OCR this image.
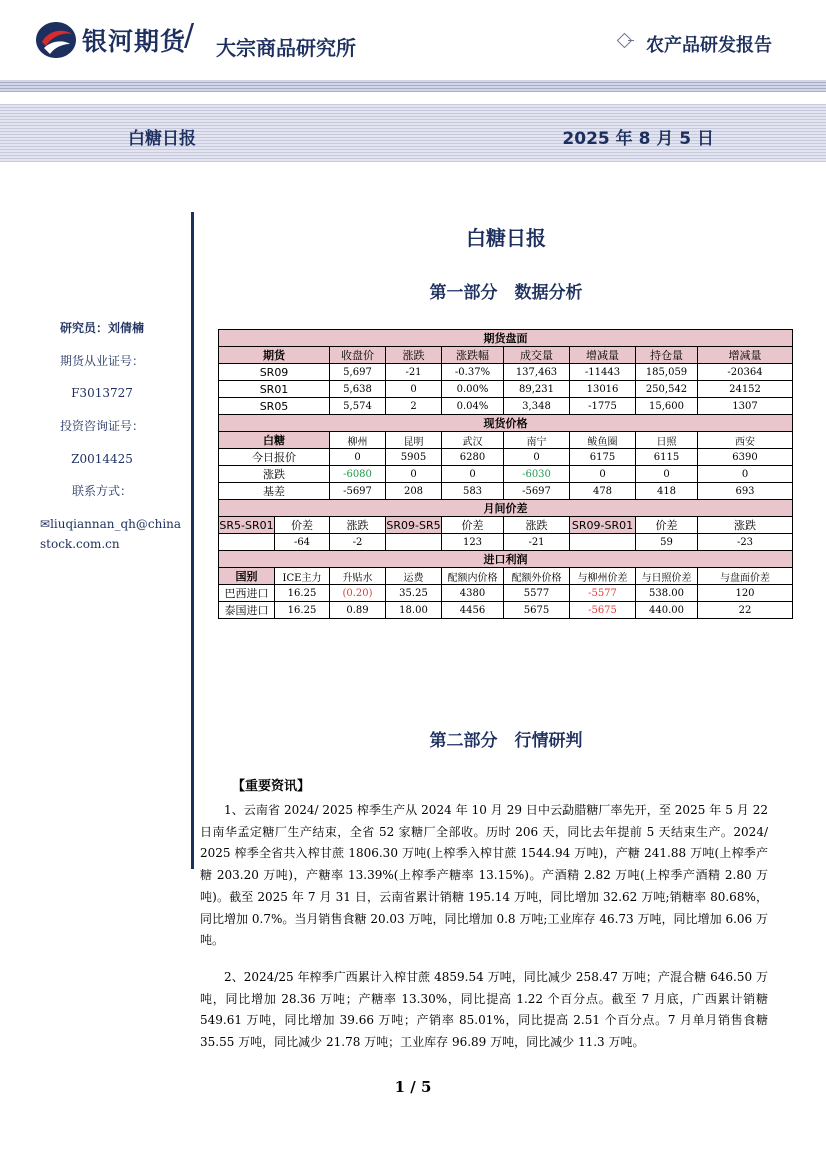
银河期货
/ 大宗商品研究所	农产品研发报告
白糖日报	2025 年 8 月 5 日
研究员：刘倩楠
期货从业证号：
F3013727
投资咨询证号：
Z0014425
联系方式：
✉liuqiannan_qh@china stock.com.cn
白糖日报
第一部分　数据分析
期货盘面								
期货		收盘价	涨跌	涨跌幅	成交量	增减量	持仓量	增减量
SR09		5,697	-21	-0.37%	137,463	-11443	185,059	-20364
SR01		5,638	0	0.00%	89,231	13016	250,542	24152
SR05		5,574	2	0.04%	3,348	-1775	15,600	1307
现货价格								
白糖		柳州	昆明	武汉	南宁	鲅鱼圈	日照	西安
今日报价		0	5905	6280	0	6175	6115	6390
涨跌		-6080	0	0	-6030	0	0	0
基差		-5697	208	583	-5697	478	418	693
月间价差								
SR5-SR01	价差	涨跌	SR09-SR5	价差	涨跌	SR09-SR01	价差	涨跌
	-64	-2		123	-21		59	-23
进口利润								
国别	ICE主力	升贴水	运费	配额内价格	配额外价格	与柳州价差	与日照价差	与盘面价差
巴西进口	16.25	(0.20)	35.25	4380	5577	-5577	538.00	120
泰国进口	16.25	0.89	18.00	4456	5675	-5675	440.00	22
第二部分　行情研判
【重要资讯】
1、云南省 2024/ 2025 榨季生产从 2024 年 10 月 29 日中云勐腊糖厂率先开，至 2025 年 5 月 22 日南华孟定糖厂生产结束，全省 52 家糖厂全部收。历时 206 天，同比去年提前 5 天结束生产。2024/ 2025 榨季全省共入榨甘蔗 1806.30 万吨(上榨季入榨甘蔗 1544.94 万吨)，产糖 241.88 万吨(上榨季产糖 203.20 万吨)，产糖率 13.39%(上榨季产糖率 13.15%)。产酒精 2.82 万吨(上榨季产酒精 2.80 万吨)。截至 2025 年 7 月 31 日，云南省累计销糖 195.14 万吨，同比增加 32.62 万吨;销糖率 80.68%，同比增加 0.7%。当月销售食糖 20.03 万吨，同比增加 0.8 万吨;工业库存 46.73 万吨，同比增加 6.06 万吨。
2、2024/25 年榨季广西累计入榨甘蔗 4859.54 万吨，同比减少 258.47 万吨；产混合糖 646.50 万吨，同比增加 28.36 万吨；产糖率 13.30%，同比提高 1.22 个百分点。截至 7 月底，广西累计销糖 549.61 万吨，同比增加 39.66 万吨；产销率 85.01%，同比提高 2.51 个百分点。7 月单月销售食糖 35.55 万吨，同比减少 21.78 万吨；工业库存 96.89 万吨，同比减少 11.3 万吨。
1 / 5
